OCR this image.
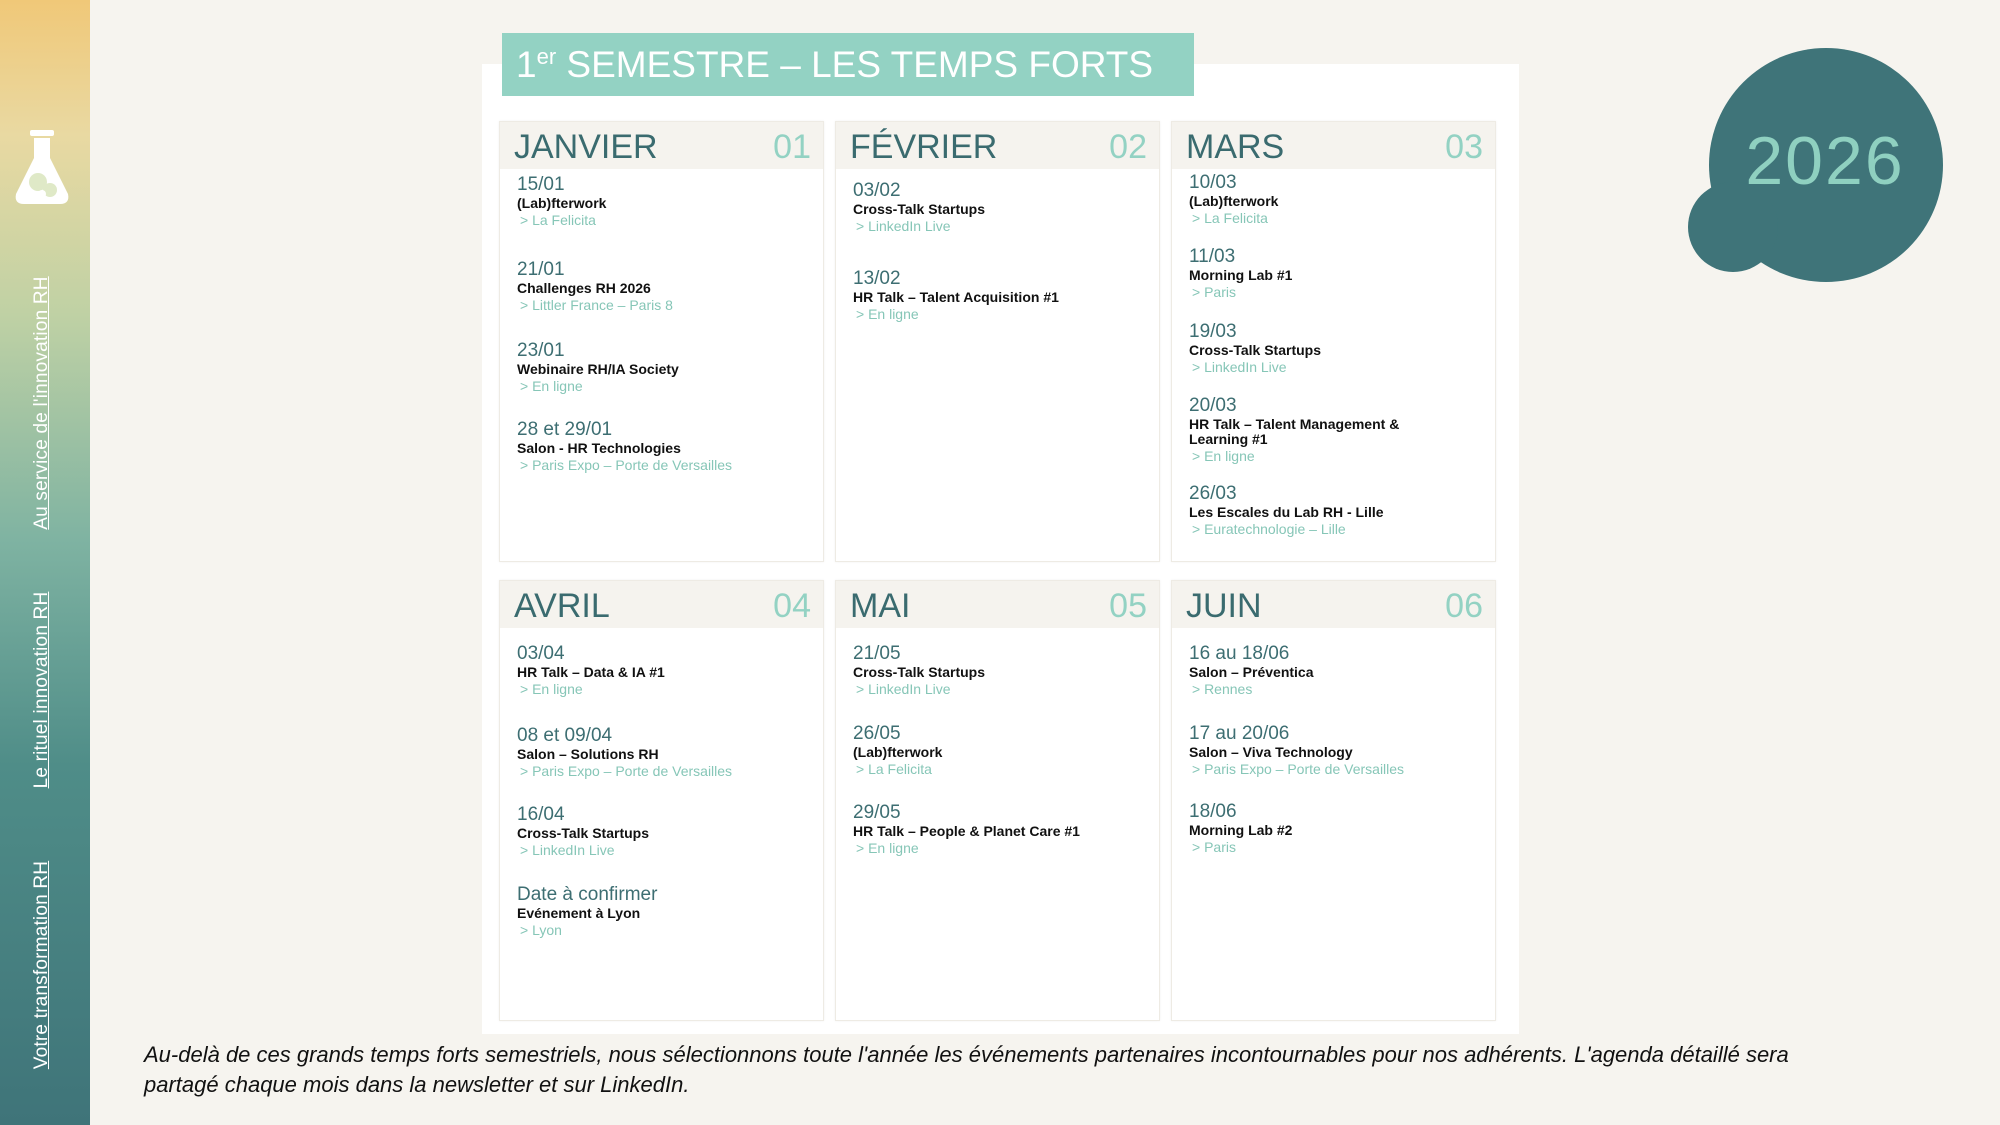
Votre transformation RH
Le rituel innovation RH
Au service de l'innovation RH
1er SEMESTRE – LES TEMPS FORTS
JANVIER	01
15/01
(Lab)fterwork
> La Felicita
21/01
Challenges RH 2026
> Littler France – Paris 8
23/01
Webinaire RH/IA Society
> En ligne
28 et 29/01
Salon - HR Technologies
> Paris Expo – Porte de Versailles
FÉVRIER	02
03/02
Cross-Talk Startups
> LinkedIn Live
13/02
HR Talk – Talent Acquisition #1
> En ligne
MARS	03
10/03
(Lab)fterwork
> La Felicita
11/03
Morning Lab #1
> Paris
19/03
Cross-Talk Startups
> LinkedIn Live
20/03
HR Talk – Talent Management & Learning #1
> En ligne
26/03
Les Escales du Lab RH - Lille
> Euratechnologie – Lille
AVRIL	04
03/04
HR Talk – Data & IA #1
> En ligne
08 et 09/04
Salon – Solutions RH
> Paris Expo – Porte de Versailles
16/04
Cross-Talk Startups
> LinkedIn Live
Date à confirmer
Evénement à Lyon
> Lyon
MAI	05
21/05
Cross-Talk Startups
> LinkedIn Live
26/05
(Lab)fterwork
> La Felicita
29/05
HR Talk – People & Planet Care #1
> En ligne
JUIN	06
16 au 18/06
Salon – Préventica
> Rennes
17 au 20/06
Salon – Viva Technology
> Paris Expo – Porte de Versailles
18/06
Morning Lab #2
> Paris
2026
Au-delà de ces grands temps forts semestriels, nous sélectionnons toute l'année les événements partenaires incontournables pour nos adhérents. L'agenda détaillé sera
partagé chaque mois dans la newsletter et sur LinkedIn.
